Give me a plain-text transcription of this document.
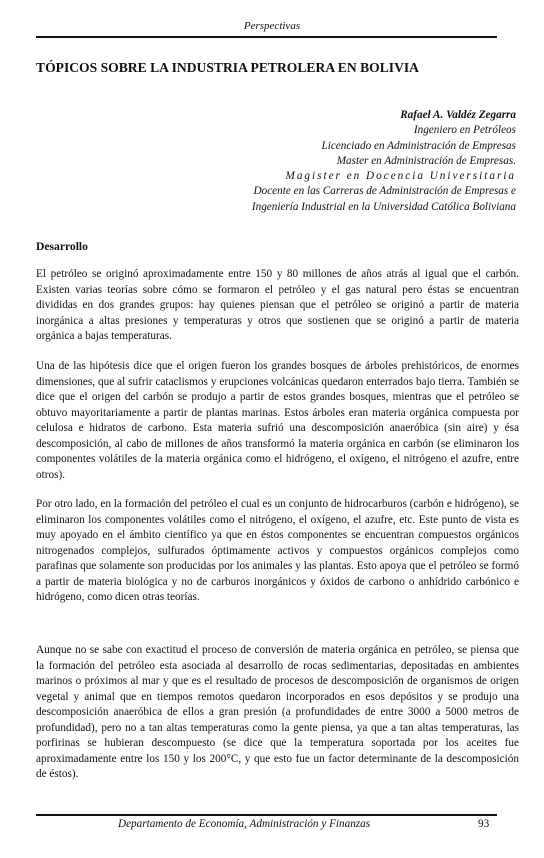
Perspectivas
TÓPICOS SOBRE LA INDUSTRIA PETROLERA EN BOLIVIA
Rafael A. Valdéz Zegarra
Ingeniero en Petróleos
Licenciado en Administración de Empresas
Master en Administración de Empresas.
Magister en Docencia Universitaria
Docente en las Carreras de Administración de Empresas e
Ingeniería Industrial en la Universidad Católica Boliviana
Desarrollo
El petróleo se originó aproximadamente entre 150 y 80 millones de años atrás al igual que el carbón. Existen varias teorías sobre cómo se formaron el petróleo y el gas natural pero éstas se encuentran divididas en dos grandes grupos: hay quienes piensan que el petróleo se originó a partir de materia inorgánica a altas presiones y temperaturas y otros que sostienen que se originó a partir de materia orgánica a bajas temperaturas.
Una de las hipótesis dice que el origen fueron los grandes bosques de árboles prehistóricos, de enormes dimensiones, que al sufrir cataclismos y erupciones volcánicas quedaron enterrados bajo tierra. También se dice que el origen del carbón se produjo a partir de estos grandes bosques, mientras que el petróleo se obtuvo mayoritariamente a partir de plantas marinas. Estos árboles eran materia orgánica compuesta por celulosa e hidratos de carbono. Esta materia sufrió una descomposición anaeróbica (sin aire) y ésa descomposición, al cabo de millones de años transformó la materia orgánica en carbón (se eliminaron los componentes volátiles de la materia orgánica como el hidrógeno, el oxígeno, el nitrógeno el azufre, entre otros).
Por otro lado, en la formación del petróleo el cual es un conjunto de hidrocarburos (carbón e hidrógeno), se eliminaron los componentes volátiles como el nitrógeno, el oxígeno, el azufre, etc. Este punto de vista es muy apoyado en el ámbito científico ya que en éstos componentes se encuentran compuestos orgánicos nitrogenados complejos, sulfurados óptimamente activos y compuestos orgánicos complejos como parafinas que solamente son producidas por los animales y las plantas. Esto apoya que el petróleo se formó a partir de materia biológica y no de carburos inorgánicos y óxidos de carbono o anhídrido carbónico e hidrógeno, como dicen otras teorías.
Aunque no se sabe con exactitud el proceso de conversión de materia orgánica en petróleo, se piensa que la formación del petróleo esta asociada al desarrollo de rocas sedimentarias, depositadas en ambientes marinos o próximos al mar y que es el resultado de procesos de descomposición de organismos de origen vegetal y animal que en tiempos remotos quedaron incorporados en esos depósitos y se produjo una descomposición anaeróbica de ellos a gran presión (a profundidades de entre 3000 a 5000 metros de profundidad), pero no a tan altas temperaturas como la gente piensa, ya que a tan altas temperaturas, las porfirinas se hubieran descompuesto (se dice que la temperatura soportada por los aceites fue aproximadamente entre los 150 y los 200°C, y que esto fue un factor determinante de la descomposición de éstos).
Departamento de Economía, Administración y Finanzas	93
